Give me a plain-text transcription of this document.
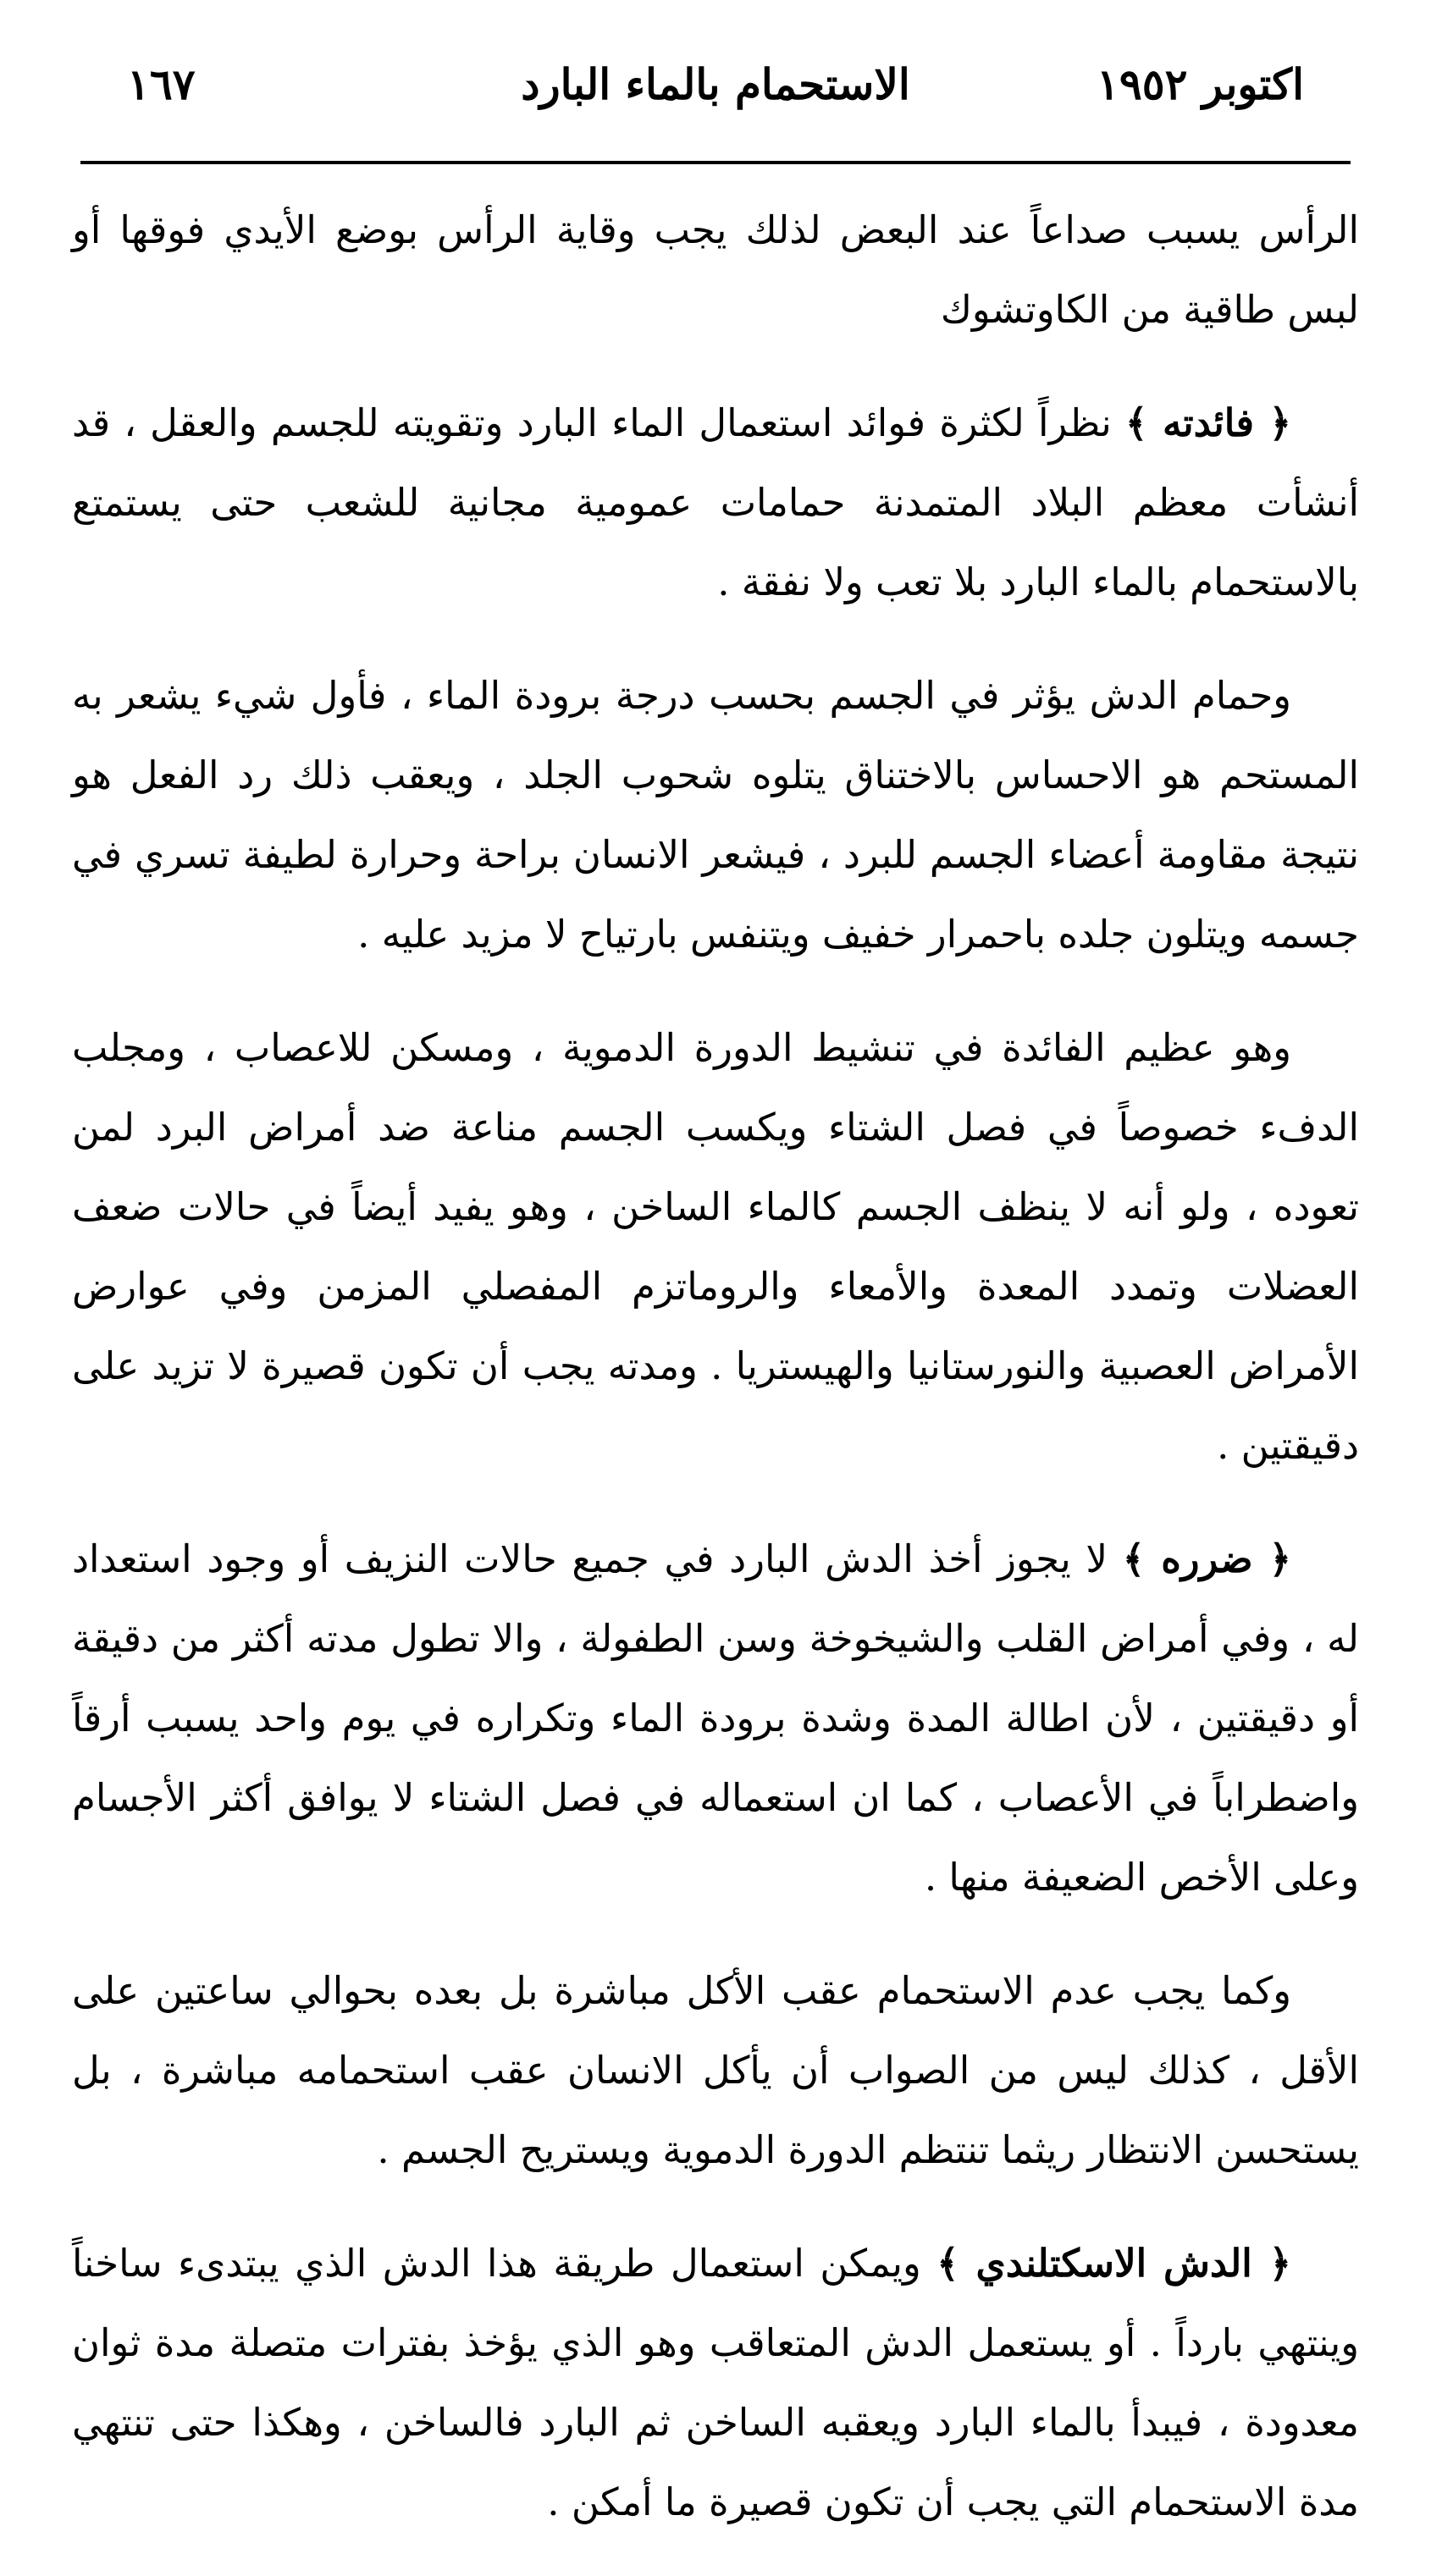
اكتوبر ١٩٥٢
الاستحمام بالماء البارد
١٦٧

الرأس يسبب صداعاً عند البعض لذلك يجب وقاية الرأس بوضع الأيدي فوقها أو لبس طاقية من الكاوتشوك

﴿ فائدته ﴾ نظراً لكثرة فوائد استعمال الماء البارد وتقويته للجسم والعقل ، قد أنشأت معظم البلاد المتمدنة حمامات عمومية مجانية للشعب حتى يستمتع بالاستحمام بالماء البارد بلا تعب ولا نفقة .

وحمام الدش يؤثر في الجسم بحسب درجة برودة الماء ، فأول شيء يشعر به المستحم هو الاحساس بالاختناق يتلوه شحوب الجلد ، ويعقب ذلك رد الفعل هو نتيجة مقاومة أعضاء الجسم للبرد ، فيشعر الانسان براحة وحرارة لطيفة تسري في جسمه ويتلون جلده باحمرار خفيف ويتنفس بارتياح لا مزيد عليه .

وهو عظيم الفائدة في تنشيط الدورة الدموية ، ومسكن للاعصاب ، ومجلب الدفء خصوصاً في فصل الشتاء ويكسب الجسم مناعة ضد أمراض البرد لمن تعوده ، ولو أنه لا ينظف الجسم كالماء الساخن ، وهو يفيد أيضاً في حالات ضعف العضلات وتمدد المعدة والأمعاء والروماتزم المفصلي المزمن وفي عوارض الأمراض العصبية والنورستانيا والهيستريا . ومدته يجب أن تكون قصيرة لا تزيد على دقيقتين .

﴿ ضرره ﴾ لا يجوز أخذ الدش البارد في جميع حالات النزيف أو وجود استعداد له ، وفي أمراض القلب والشيخوخة وسن الطفولة ، والا تطول مدته أكثر من دقيقة أو دقيقتين ، لأن اطالة المدة وشدة برودة الماء وتكراره في يوم واحد يسبب أرقاً واضطراباً في الأعصاب ، كما ان استعماله في فصل الشتاء لا يوافق أكثر الأجسام وعلى الأخص الضعيفة منها .

وكما يجب عدم الاستحمام عقب الأكل مباشرة بل بعده بحوالي ساعتين على الأقل ، كذلك ليس من الصواب أن يأكل الانسان عقب استحمامه مباشرة ، بل يستحسن الانتظار ريثما تنتظم الدورة الدموية ويستريح الجسم .

﴿ الدش الاسكتلندي ﴾ ويمكن استعمال طريقة هذا الدش الذي يبتدىء ساخناً وينتهي بارداً . أو يستعمل الدش المتعاقب وهو الذي يؤخذ بفترات متصلة مدة ثوان معدودة ، فيبدأ بالماء البارد ويعقبه الساخن ثم البارد فالساخن ، وهكذا حتى تنتهي مدة الاستحمام التي يجب أن تكون قصيرة ما أمكن .
